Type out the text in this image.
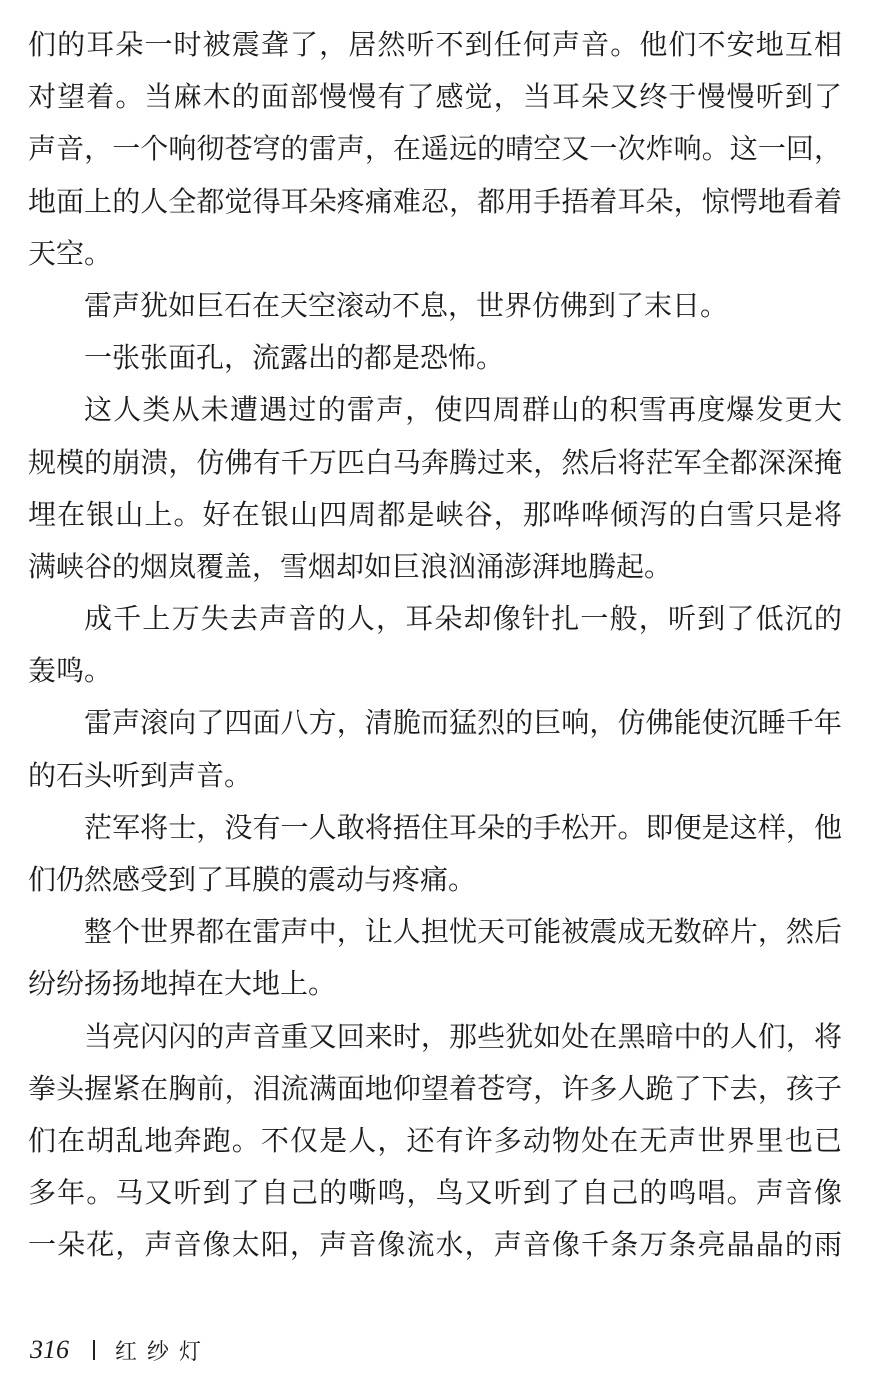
们的耳朵一时被震聋了，居然听不到任何声音。他们不安地互相
对望着。当麻木的面部慢慢有了感觉，当耳朵又终于慢慢听到了
声音，一个响彻苍穹的雷声，在遥远的晴空又一次炸响。这一回，
地面上的人全都觉得耳朵疼痛难忍，都用手捂着耳朵，惊愕地看着
天空。
雷声犹如巨石在天空滚动不息，世界仿佛到了末日。
一张张面孔，流露出的都是恐怖。
这人类从未遭遇过的雷声，使四周群山的积雪再度爆发更大
规模的崩溃，仿佛有千万匹白马奔腾过来，然后将茫军全都深深掩
埋在银山上。好在银山四周都是峡谷，那哗哗倾泻的白雪只是将
满峡谷的烟岚覆盖，雪烟却如巨浪汹涌澎湃地腾起。
成千上万失去声音的人，耳朵却像针扎一般，听到了低沉的
轰鸣。
雷声滚向了四面八方，清脆而猛烈的巨响，仿佛能使沉睡千年
的石头听到声音。
茫军将士，没有一人敢将捂住耳朵的手松开。即便是这样，他
们仍然感受到了耳膜的震动与疼痛。
整个世界都在雷声中，让人担忧天可能被震成无数碎片，然后
纷纷扬扬地掉在大地上。
当亮闪闪的声音重又回来时，那些犹如处在黑暗中的人们，将
拳头握紧在胸前，泪流满面地仰望着苍穹，许多人跪了下去，孩子
们在胡乱地奔跑。不仅是人，还有许多动物处在无声世界里也已
多年。马又听到了自己的嘶鸣，鸟又听到了自己的鸣唱。声音像
一朵花，声音像太阳，声音像流水，声音像千条万条亮晶晶的雨
316 红纱灯
